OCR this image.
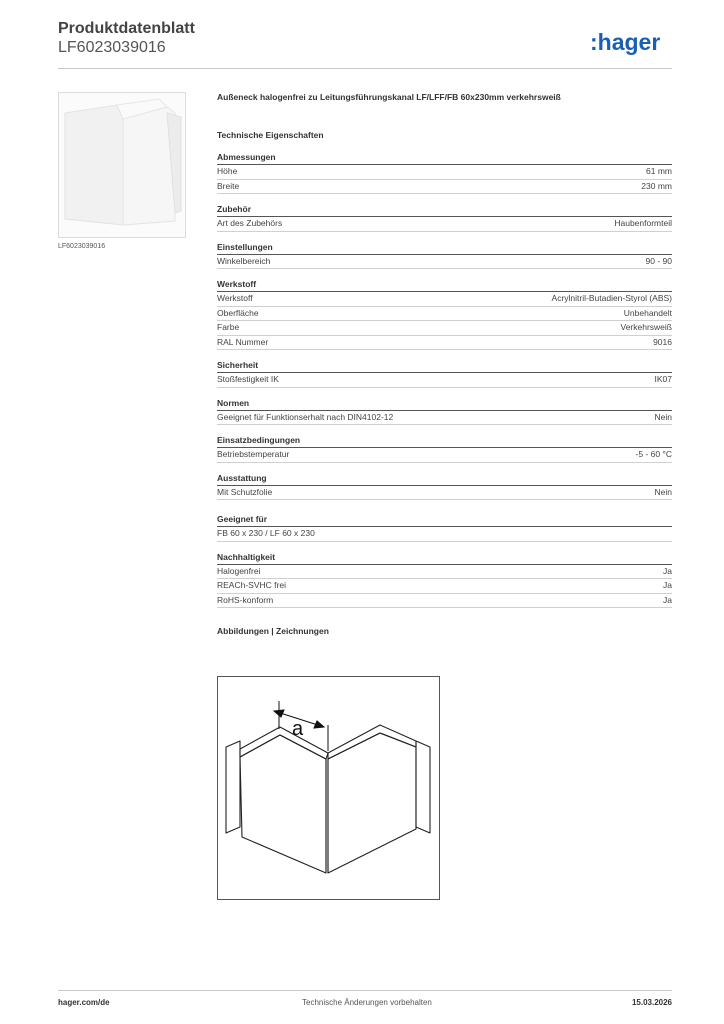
Produktdatenblatt
LF6023039016	:hager
LF6023039016
Außeneck halogenfrei zu Leitungsführungskanal LF/LFF/FB 60x230mm verkehrsweiß
Technische Eigenschaften
Abmessungen
Höhe	61 mm
Breite	230 mm
Zubehör
Art des Zubehörs	Haubenformteil
Einstellungen
Winkelbereich	90 - 90
Werkstoff
Werkstoff	Acrylnitril-Butadien-Styrol (ABS)
Oberfläche	Unbehandelt
Farbe	Verkehrsweiß
RAL Nummer	9016
Sicherheit
Stoßfestigkeit IK	IK07
Normen
Geeignet für Funktionserhalt nach DIN4102-12	Nein
Einsatzbedingungen
Betriebstemperatur	-5 - 60 °C
Ausstattung
Mit Schutzfolie	Nein
Geeignet für
FB 60 x 230 / LF 60 x 230
Nachhaltigkeit
Halogenfrei	Ja
REACh-SVHC frei	Ja
RoHS-konform	Ja
Abbildungen | Zeichnungen
a
hager.com/de	Technische Änderungen vorbehalten	15.03.2026
